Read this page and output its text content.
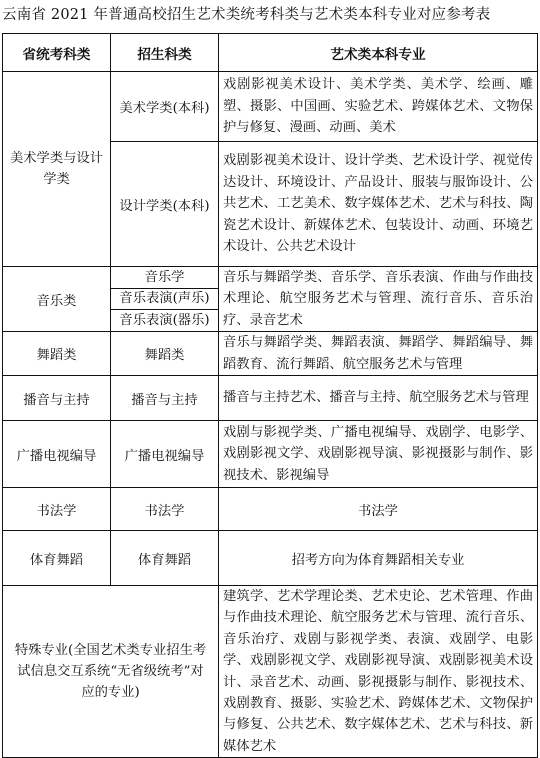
云南省 2021 年普通高校招生艺术类统考科类与艺术类本科专业对应参考表
省统考科类	招生科类	艺术类本科专业
美术学类与设计学类	美术学类(本科)	戏剧影视美术设计、美术学类、美术学、绘画、雕塑、摄影、中国画、实验艺术、跨媒体艺术、文物保护与修复、漫画、动画、美术
	设计学类(本科)	戏剧影视美术设计、设计学类、艺术设计学、视觉传达设计、环境设计、产品设计、服装与服饰设计、公共艺术、工艺美术、数字媒体艺术、艺术与科技、陶瓷艺术设计、新媒体艺术、包装设计、动画、环境艺术设计、公共艺术设计
音乐类	音乐学	音乐与舞蹈学类、音乐学、音乐表演、作曲与作曲技术理论、航空服务艺术与管理、流行音乐、音乐治疗、录音艺术
	音乐表演(声乐)	
	音乐表演(器乐)	
舞蹈类	舞蹈类	音乐与舞蹈学类、舞蹈表演、舞蹈学、舞蹈编导、舞蹈教育、流行舞蹈、航空服务艺术与管理
播音与主持	播音与主持	播音与主持艺术、播音与主持、航空服务艺术与管理
广播电视编导	广播电视编导	戏剧与影视学类、广播电视编导、戏剧学、电影学、戏剧影视文学、戏剧影视导演、影视摄影与制作、影视技术、影视编导
书法学	书法学	书法学
体育舞蹈	体育舞蹈	招考方向为体育舞蹈相关专业
特殊专业(全国艺术类专业招生考试信息交互系统“无省级统考”对应的专业)		建筑学、艺术学理论类、艺术史论、艺术管理、作曲与作曲技术理论、航空服务艺术与管理、流行音乐、音乐治疗、戏剧与影视学类、表演、戏剧学、电影学、戏剧影视文学、戏剧影视导演、戏剧影视美术设计、录音艺术、动画、影视摄影与制作、影视技术、戏剧教育、摄影、实验艺术、跨媒体艺术、文物保护与修复、公共艺术、数字媒体艺术、艺术与科技、新媒体艺术
